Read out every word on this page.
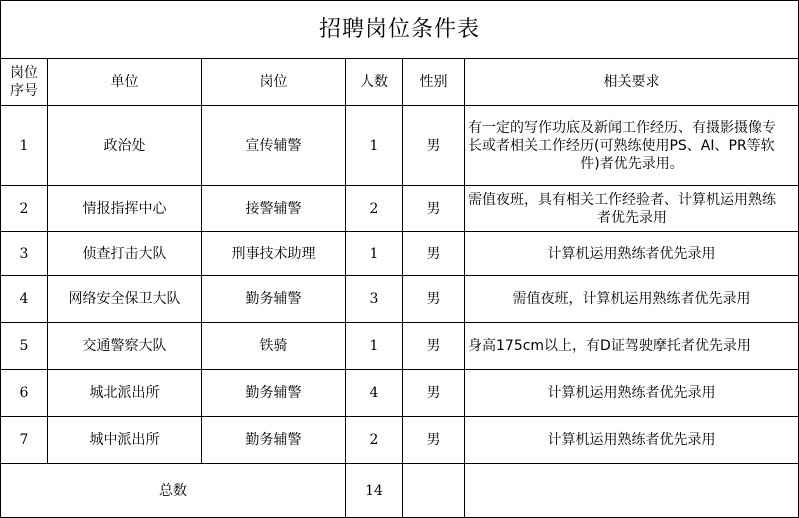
招聘岗位条件表					

岗位
序号	单位	岗位	人数	性别	相关要求
1	政治处	宣传辅警	1	男	有一定的写作功底及新闻工作经历、有摄影摄像专
长或者相关工作经历(可熟练使用PS、AI、PR等软
件)者优先录用。

2	情报指挥中心	接警辅警	2	男	需值夜班，具有相关工作经验者、计算机运用熟练
者优先录用

3	侦查打击大队	刑事技术助理	1	男	计算机运用熟练者优先录用
4	网络安全保卫大队	勤务辅警	3	男	需值夜班，计算机运用熟练者优先录用
5	交通警察大队	铁骑	1	男	身高175cm以上，有D证驾驶摩托者优先录用
6	城北派出所	勤务辅警	4	男	计算机运用熟练者优先录用
7	城中派出所	勤务辅警	2	男	计算机运用熟练者优先录用
总数			14		
